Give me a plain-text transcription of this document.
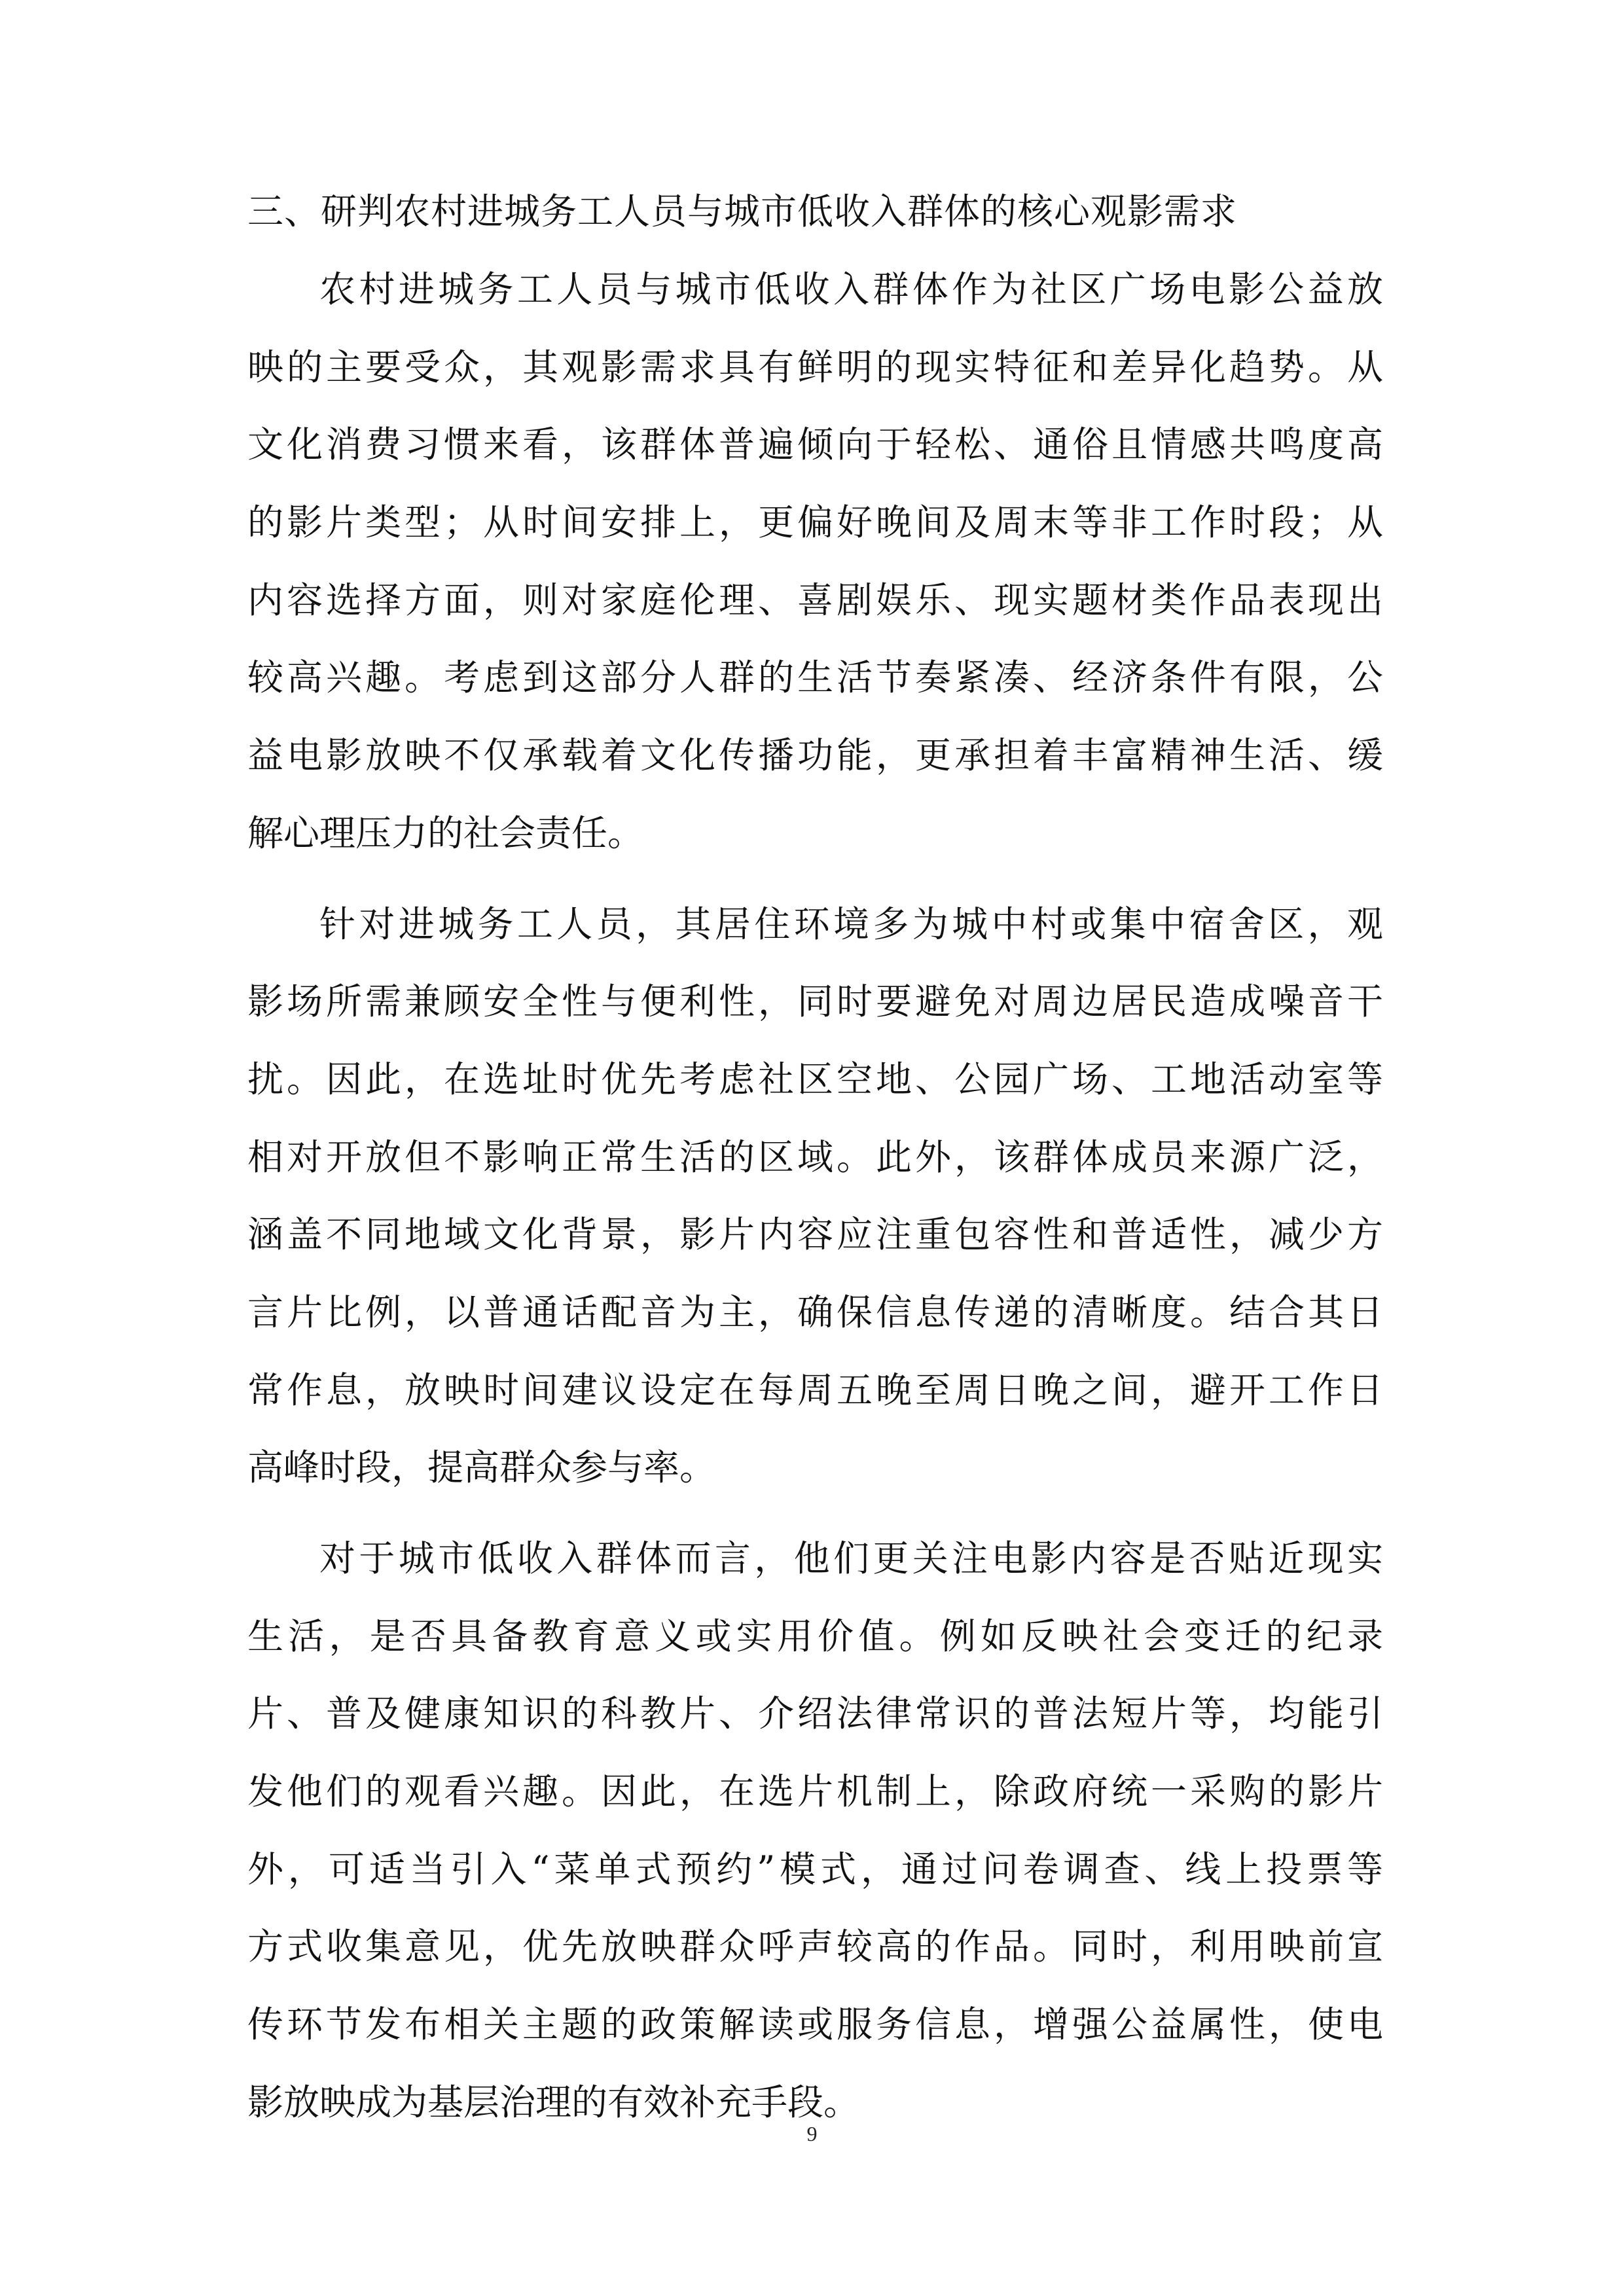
三、研判农村进城务工人员与城市低收入群体的核心观影需求
农村进城务工人员与城市低收入群体作为社区广场电影公益放
映的主要受众，其观影需求具有鲜明的现实特征和差异化趋势。从
文化消费习惯来看，该群体普遍倾向于轻松、通俗且情感共鸣度高
的影片类型；从时间安排上，更偏好晚间及周末等非工作时段；从
内容选择方面，则对家庭伦理、喜剧娱乐、现实题材类作品表现出
较高兴趣。考虑到这部分人群的生活节奏紧凑、经济条件有限，公
益电影放映不仅承载着文化传播功能，更承担着丰富精神生活、缓
解心理压力的社会责任。
针对进城务工人员，其居住环境多为城中村或集中宿舍区，观
影场所需兼顾安全性与便利性，同时要避免对周边居民造成噪音干
扰。因此，在选址时优先考虑社区空地、公园广场、工地活动室等
相对开放但不影响正常生活的区域。此外，该群体成员来源广泛，
涵盖不同地域文化背景，影片内容应注重包容性和普适性，减少方
言片比例，以普通话配音为主，确保信息传递的清晰度。结合其日
常作息，放映时间建议设定在每周五晚至周日晚之间，避开工作日
高峰时段，提高群众参与率。
对于城市低收入群体而言，他们更关注电影内容是否贴近现实
生活，是否具备教育意义或实用价值。例如反映社会变迁的纪录
片、普及健康知识的科教片、介绍法律常识的普法短片等，均能引
发他们的观看兴趣。因此，在选片机制上，除政府统一采购的影片
外，可适当引入“菜单式预约”模式，通过问卷调查、线上投票等
方式收集意见，优先放映群众呼声较高的作品。同时，利用映前宣
传环节发布相关主题的政策解读或服务信息，增强公益属性，使电
影放映成为基层治理的有效补充手段。
9
